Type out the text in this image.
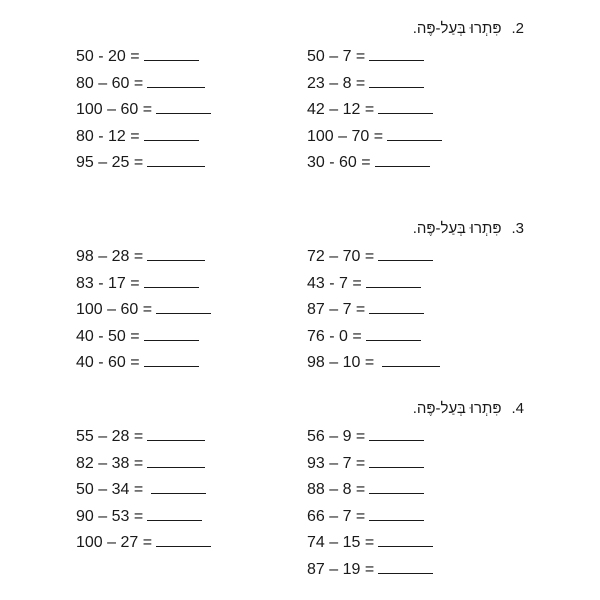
2.פִּתְרוּ בְּעַל-פֶּה.
50 ‐ 20 =
80 – 60 =
100 – 60 =
80 ‐ 12 =
95 – 25 =
50 – 7 =
23 – 8 =
42 – 12 =
100 – 70 =
30 ‐ 60 =
3.פִּתְרוּ בְּעַל-פֶּה.
98 – 28 =
83 ‐ 17 =
100 – 60 =
40 ‐ 50 =
40 ‐ 60 =
72 – 70 =
43 ‐ 7 =
87 – 7 =
76 ‐ 0 =
98 – 10 =
4.פִּתְרוּ בְּעַל-פֶּה.
55 – 28 =
82 – 38 =
50 – 34 =
90 – 53 =
100 – 27 =
56 – 9 =
93 – 7 =
88 – 8 =
66 – 7 =
74 – 15 =
87 – 19 =
